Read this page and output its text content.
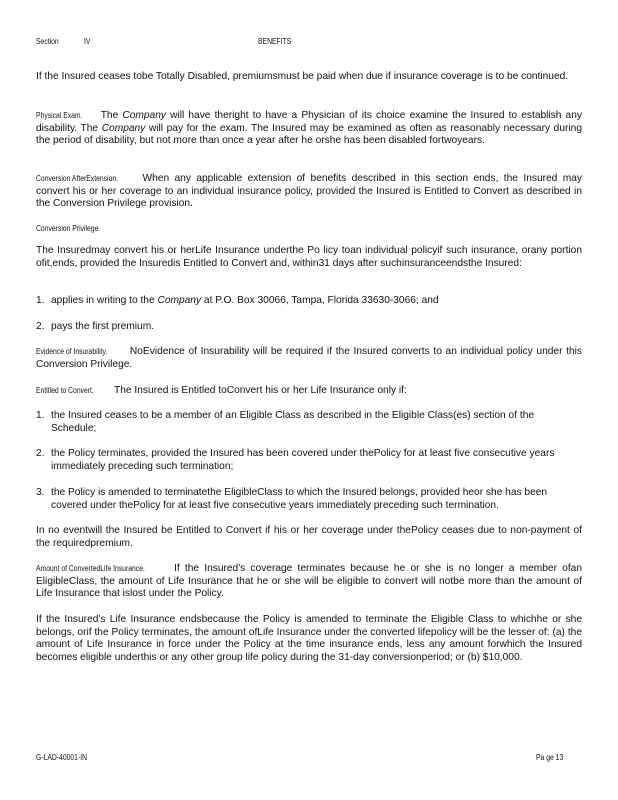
Section	IV	BENEFITS

If the Insured ceases tobe Totally Disabled, premiumsmust be paid when due if insurance coverage is to be continued.

Physical Exam. The Company will have theright to have a Physician of its choice examine the Insured to establish any disability. The Company will pay for the exam. The Insured may be examined as often as reasonably necessary during the period of disability, but not more than once a year after he orshe has been disabled fortwoyears.

Conversion AfterExtension. When any applicable extension of benefits described in this section ends, the Insured may convert his or her coverage to an individual insurance policy, provided the Insured is Entitled to Convert as described in the Conversion Privilege provision.

Conversion Privilege

The Insuredmay convert his or herLife Insurance underthe Po licy toan individual policyif such insurance, orany portion ofit,ends, provided the Insuredis Entitled to Convert and, within31 days after suchinsuranceendsthe Insured:

1. applies in writing to the Company at P.O. Box 30066, Tampa, Florida 33630-3066; and
2. pays the first premium.

Evidence of Insurability. NoEvidence of Insurability will be required if the Insured converts to an individual policy under this Conversion Privilege.

Entitled to Convert. The Insured is Entitled toConvert his or her Life Insurance only if:

1. the Insured ceases to be a member of an Eligible Class as described in the Eligible Class(es) section of the Schedule;
2. the Policy terminates, provided the Insured has been covered under thePolicy for at least five consecutive years immediately preceding such termination;
3. the Policy is amended to terminatethe EligibleClass to which the Insured belongs, provided heor she has been covered under thePolicy for at least five consecutive years immediately preceding such termination.

In no eventwill the Insured be Entitled to Convert if his or her coverage under thePolicy ceases due to non-payment of the requiredpremium.

Amount of ConvertedLife Insurance.	If the Insured's coverage terminates because he or she is no longer a member ofan EligibleClass, the amount of Life Insurance that he or she will be eligible to convert will notbe more than the amount of Life Insurance that islost under the Policy.

If the Insured's Life Insurance endsbecause the Policy is amended to terminate the Eligible Class to whichhe or she belongs, orif the Policy terminates, the amount ofLife Insurance under the converted lifepolicy will be the lesser of: (a) the amount of Life Insurance in force under the Policy at the time insurance ends, less any amount forwhich the Insured becomes eligible underthis or any other group life policy during the 31-day conversionperiod; or (b) $10,000.

G-LAD-40001-IN	Pa ge 13
